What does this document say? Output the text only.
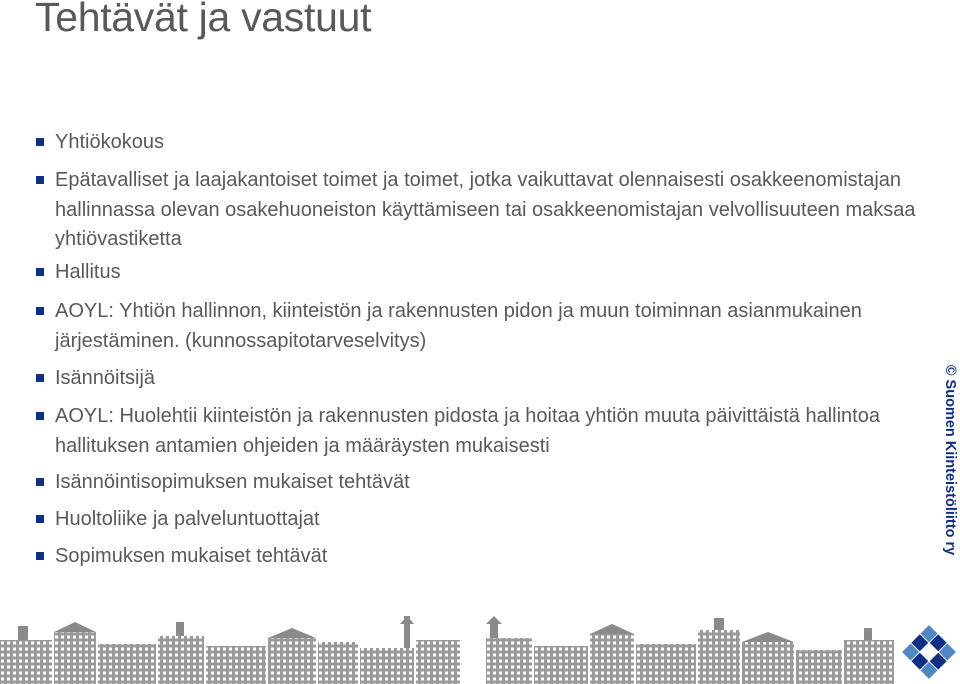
Tehtävät ja vastuut
Yhtiökokous
Epätavalliset ja laajakantoiset toimet ja toimet, jotka vaikuttavat olennaisesti osakkeenomistajan hallinnassa olevan osakehuoneiston käyttämiseen tai osakkeenomistajan velvollisuuteen maksaa yhtiövastiketta
Hallitus
AOYL: Yhtiön hallinnon, kiinteistön ja rakennusten pidon ja muun toiminnan asianmukainen järjestäminen. (kunnossapitotarveselvitys)
Isännöitsijä
AOYL: Huolehtii kiinteistön ja rakennusten pidosta ja hoitaa yhtiön muuta päivittäistä hallintoa hallituksen antamien ohjeiden ja määräysten mukaisesti
Isännöintisopimuksen mukaiset tehtävät
Huoltoliike ja palveluntuottajat
Sopimuksen mukaiset tehtävät
© Suomen Kiinteistöliitto ry
